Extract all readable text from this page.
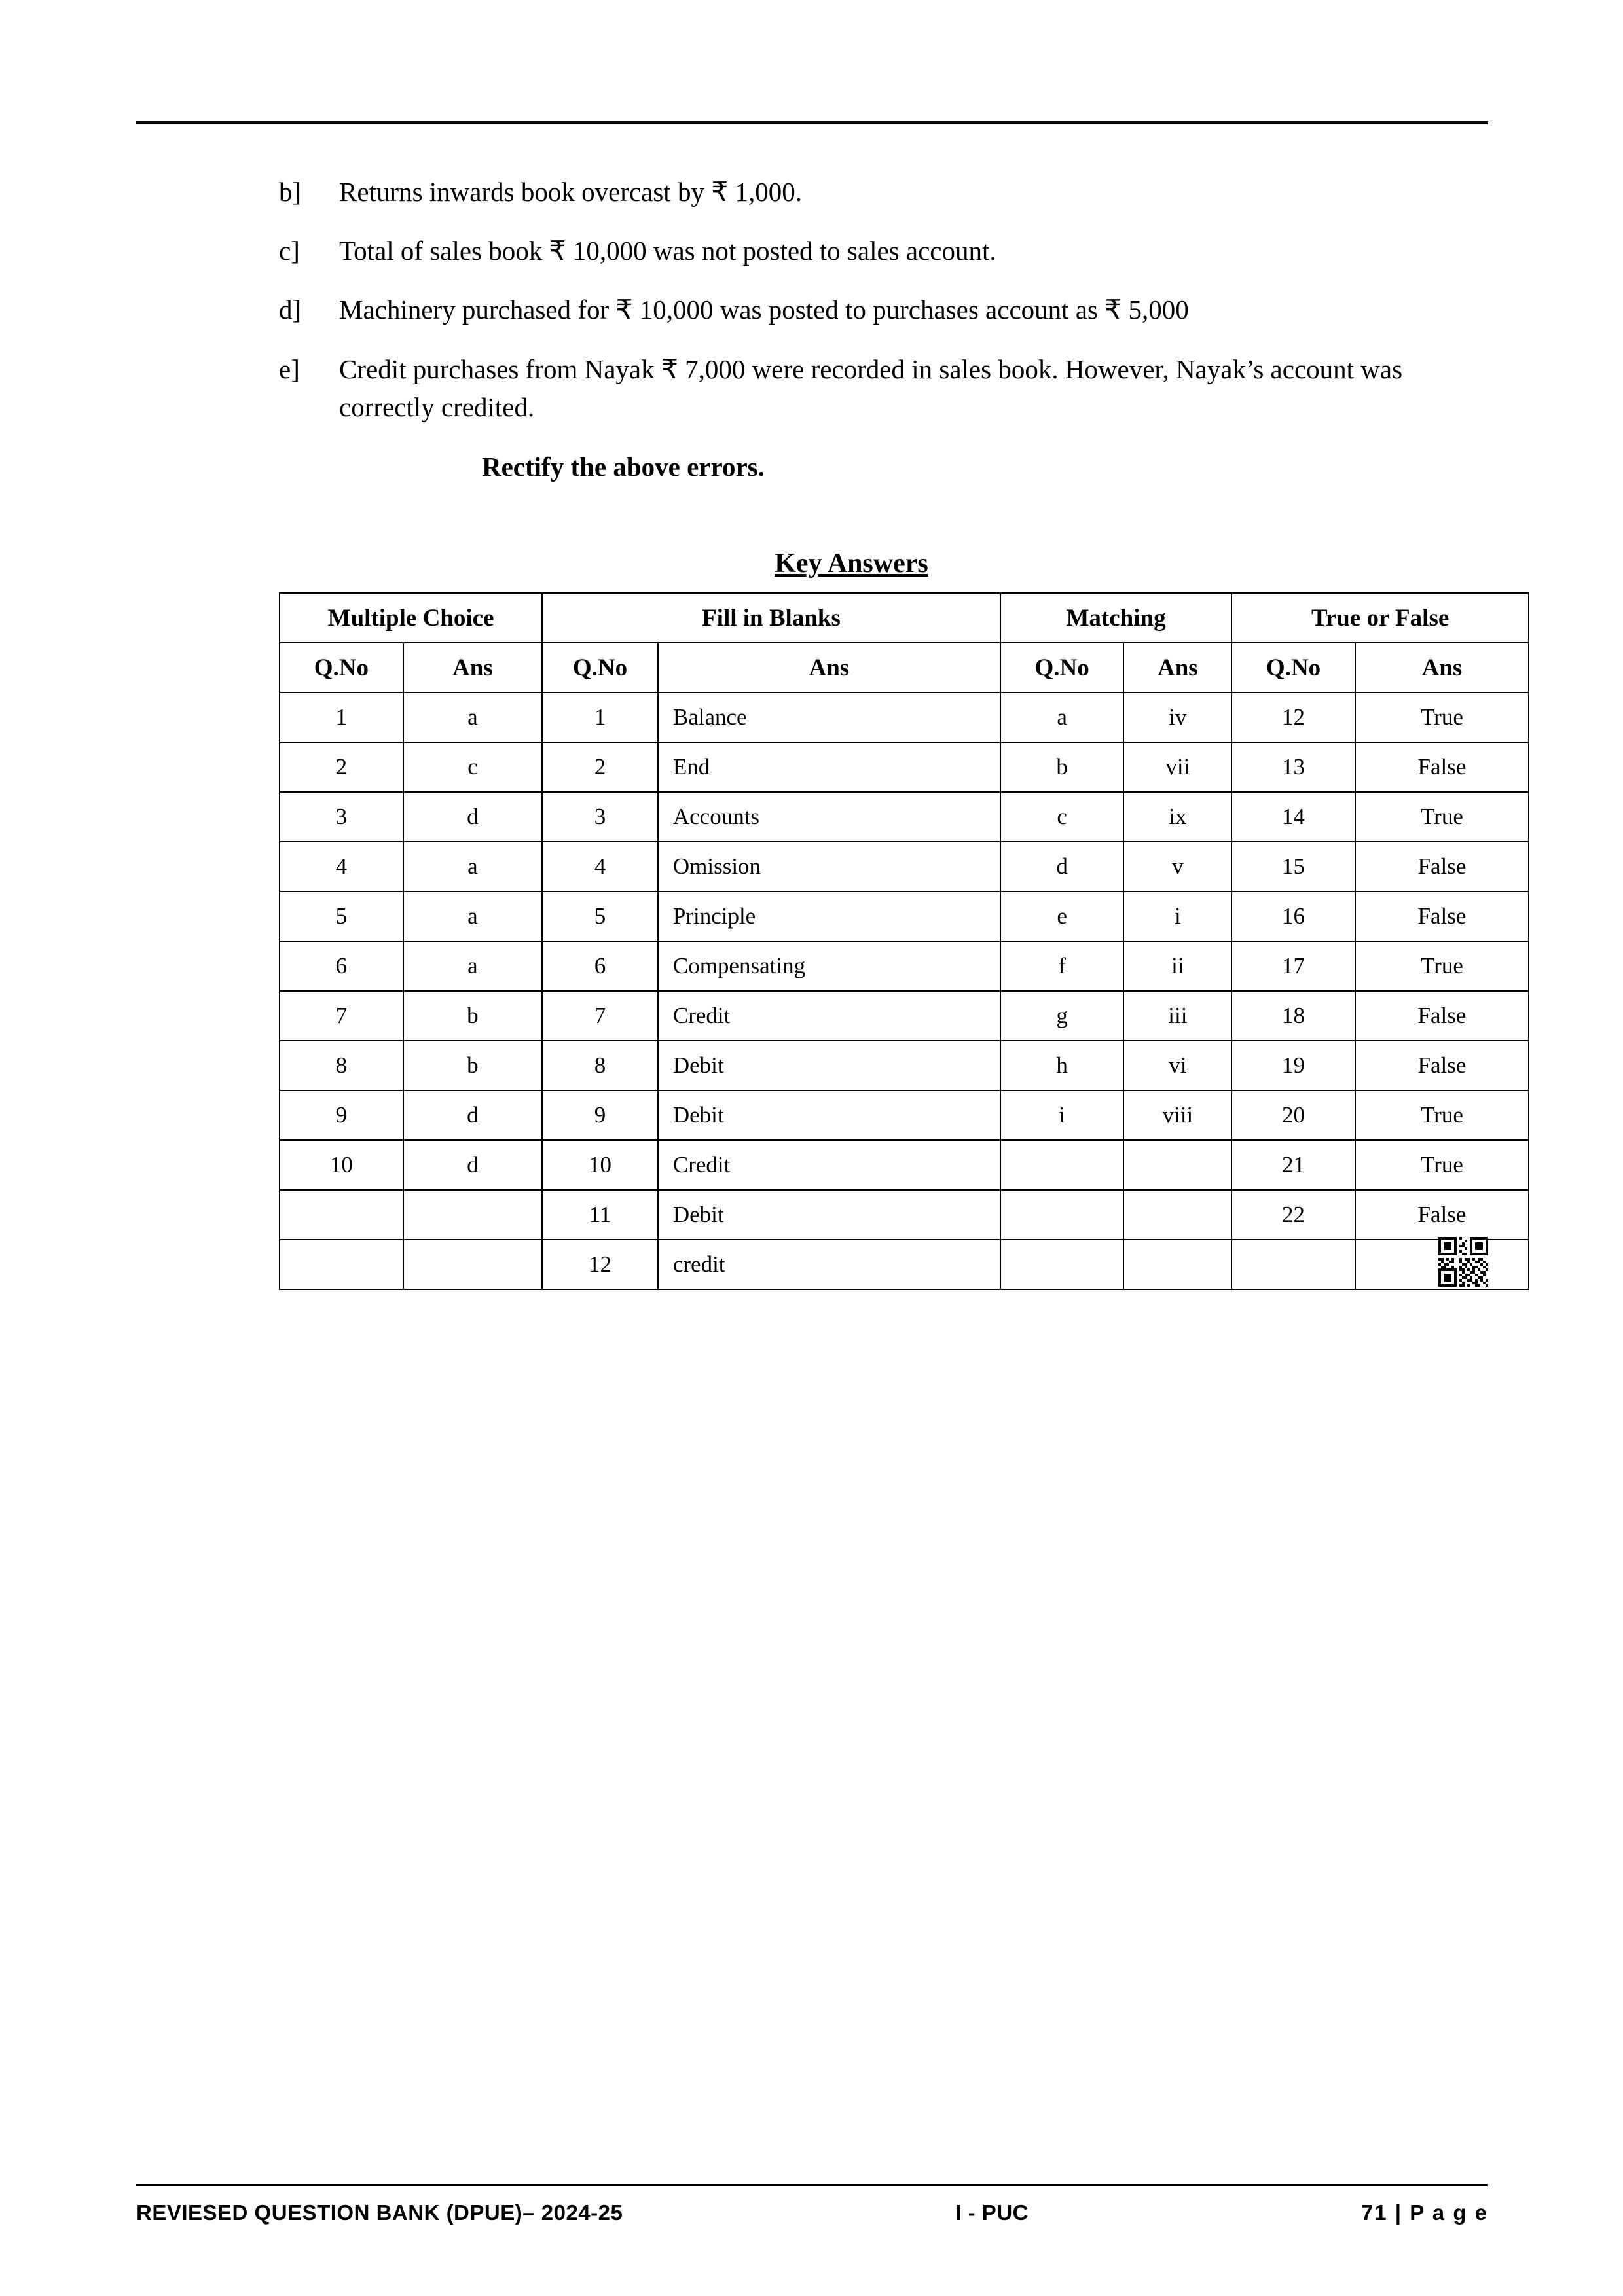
b]	Returns inwards book overcast by ₹ 1,000.
c]	Total of sales book ₹ 10,000 was not posted to sales account.
d]	Machinery purchased for ₹ 10,000 was posted to purchases account as ₹ 5,000
e]	Credit purchases from Nayak ₹ 7,000 were recorded in sales book. However, Nayak’s account was correctly credited.
Rectify the above errors.
Key Answers
Multiple Choice		Fill in Blanks		Matching		True or False	
Q.No	Ans	Q.No	Ans	Q.No	Ans	Q.No	Ans
1	a	1	Balance	a	iv	12	True
2	c	2	End	b	vii	13	False
3	d	3	Accounts	c	ix	14	True
4	a	4	Omission	d	v	15	False
5	a	5	Principle	e	i	16	False
6	a	6	Compensating	f	ii	17	True
7	b	7	Credit	g	iii	18	False
8	b	8	Debit	h	vi	19	False
9	d	9	Debit	i	viii	20	True
10	d	10	Credit			21	True
		11	Debit			22	False
		12	credit				
REVIESED QUESTION BANK (DPUE)– 2024-25	I - PUC	71 | P a g e
